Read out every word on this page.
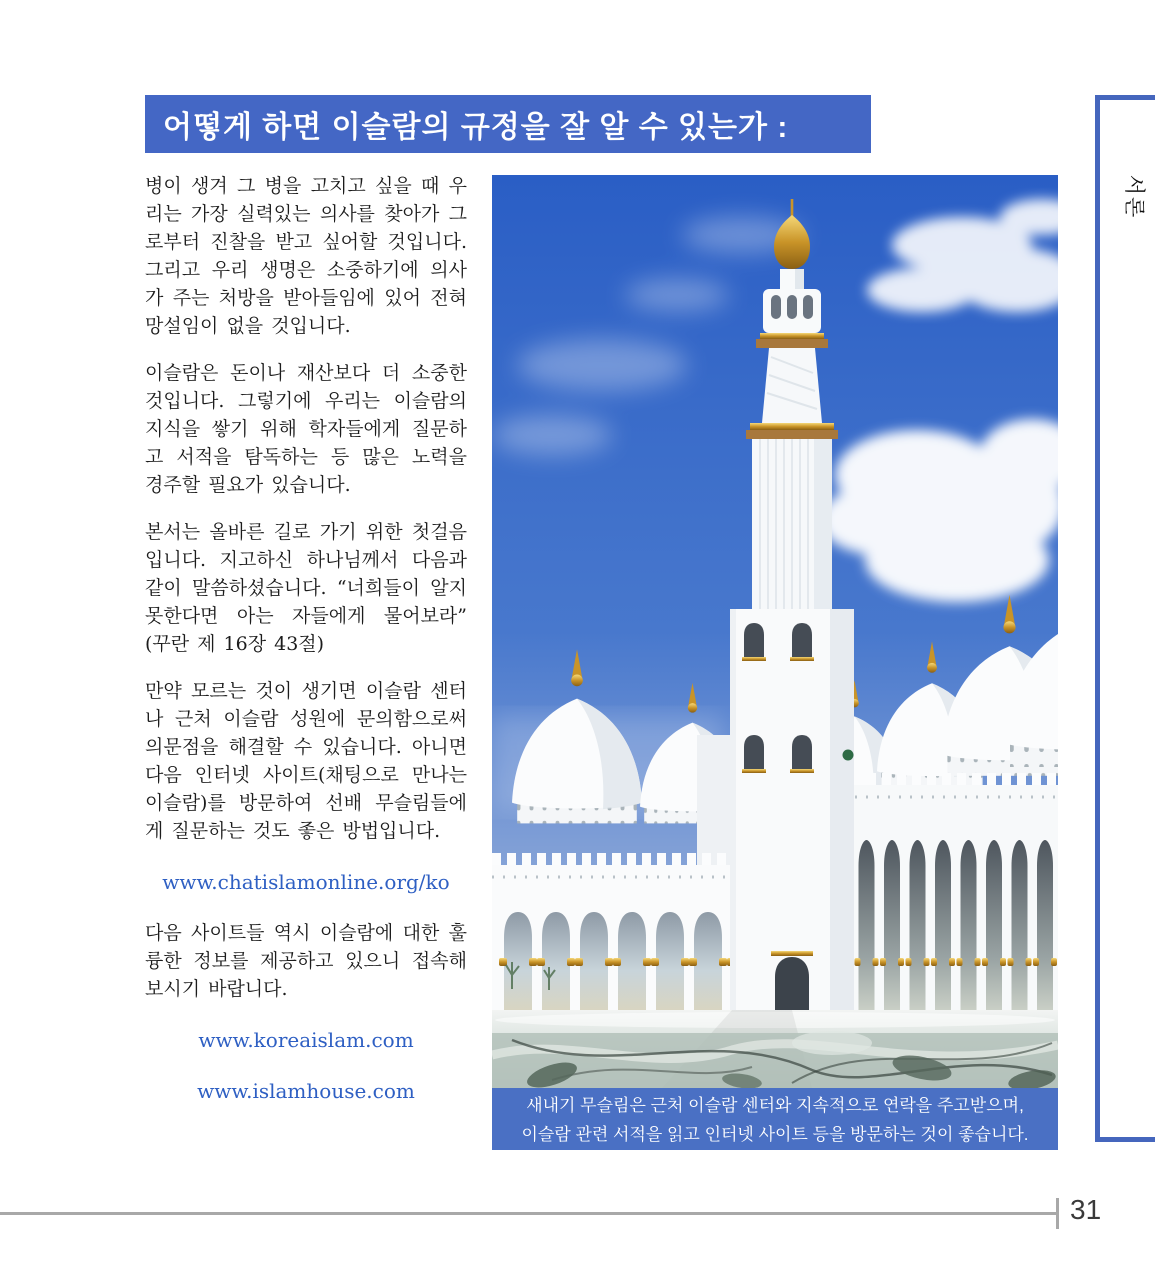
어떻게 하면 이슬람의 규정을 잘 알 수 있는가 :

병이 생겨 그 병을 고치고 싶을 때 우리는 가장 실력있는 의사를 찾아가 그로부터 진찰을 받고 싶어할 것입니다. 그리고 우리 생명은 소중하기에 의사가 주는 처방을 받아들임에 있어 전혀 망설임이 없을 것입니다.

이슬람은 돈이나 재산보다 더 소중한 것입니다. 그렇기에 우리는 이슬람의 지식을 쌓기 위해 학자들에게 질문하고 서적을 탐독하는 등 많은 노력을 경주할 필요가 있습니다.

본서는 올바른 길로 가기 위한 첫걸음입니다. 지고하신 하나님께서 다음과 같이 말씀하셨습니다. “너희들이 알지 못한다면 아는 자들에게 물어보라” (꾸란 제 16장 43절)

만약 모르는 것이 생기면 이슬람 센터나 근처 이슬람 성원에 문의함으로써 의문점을 해결할 수 있습니다. 아니면 다음 인터넷 사이트(채팅으로 만나는 이슬람)를 방문하여 선배 무슬림들에게 질문하는 것도 좋은 방법입니다.

www.chatislamonline.org/ko

다음 사이트들 역시 이슬람에 대한 훌륭한 정보를 제공하고 있으니 접속해보시기 바랍니다.

www.koreaislam.com
www.islamhouse.com
새내기 무슬림은 근처 이슬람 센터와 지속적으로 연락을 주고받으며,
이슬람 관련 서적을 읽고 인터넷 사이트 등을 방문하는 것이 좋습니다.
서론
31
